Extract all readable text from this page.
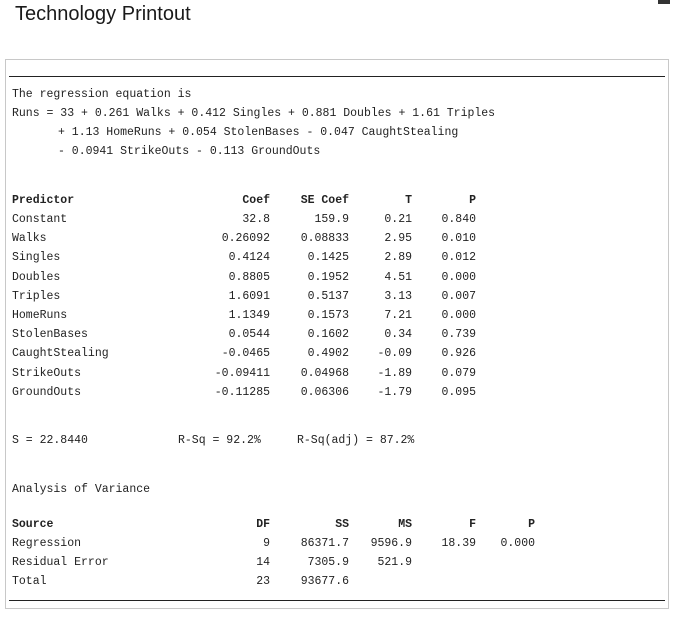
Technology Printout
The regression equation is
Runs = 33 + 0.261 Walks + 0.412 Singles + 0.881 Doubles + 1.61 Triples
+ 1.13 HomeRuns + 0.054 StolenBases - 0.047 CaughtStealing
- 0.0941 StrikeOuts - 0.113 GroundOuts
Predictor	Coef	SE Coef	T	P
Constant	32.8	159.9	0.21	0.840
Walks	0.26092	0.08833	2.95	0.010
Singles	0.4124	0.1425	2.89	0.012
Doubles	0.8805	0.1952	4.51	0.000
Triples	1.6091	0.5137	3.13	0.007
HomeRuns	1.1349	0.1573	7.21	0.000
StolenBases	0.0544	0.1602	0.34	0.739
CaughtStealing	-0.0465	0.4902	-0.09	0.926
StrikeOuts	-0.09411	0.04968	-1.89	0.079
GroundOuts	-0.11285	0.06306	-1.79	0.095
S = 22.8440	R-Sq = 92.2%	R-Sq(adj) = 87.2%
Analysis of Variance
Source	DF	SS	MS	F	P
Regression	9	86371.7	9596.9	18.39	0.000
Residual Error	14	7305.9	521.9
Total	23	93677.6
